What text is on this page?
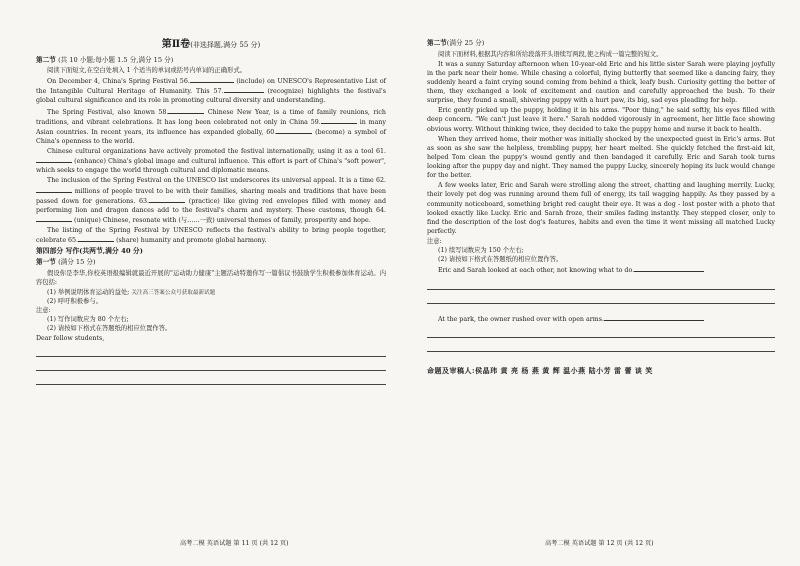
第Ⅱ卷(非选择题,满分 55 分)
第二节 (共 10 小题;每小题 1.5 分,满分 15 分)

阅读下面短文,在空白处填入 1 个适当的单词或括号内单词的正确形式。

On December 4, China's Spring Festival 56.	(include) on UNESCO's Representative List of the Intangible Cultural Heritage of Humanity. This 57.	(recognize) highlights the festival's global cultural significance and its role in promoting cultural diversity and understanding.

The Spring Festival, also known 58.	Chinese New Year, is a time of family reunions, rich traditions, and vibrant celebrations. It has long been celebrated not only in China 59.	in many Asian countries. In recent years, its influence has expanded globally, 60.	(become) a symbol of China's openness to the world.

Chinese cultural organizations have actively promoted the festival internationally, using it as a tool 61. (enhance) China's global image and cultural influence. This effort is part of China's "soft power", which seeks to engage the world through cultural and diplomatic means.

The inclusion of the Spring Festival on the UNESCO list underscores its universal appeal. It is a time 62. millions of people travel to be with their families, sharing meals and traditions that have been passed down for generations. 63.	(practice) like giving red envelopes filled with money and performing lion and dragon dances add to the festival's charm and mystery. These customs, though 64. (unique) Chinese, resonate with (与……一致) universal themes of family, prosperity and hope.

The listing of the Spring Festival by UNESCO reflects the festival's ability to bring people together, celebrate 65.	(share) humanity and promote global harmony.

第四部分 写作(共两节,满分 40 分)
第一节 (满分 15 分)

假设你是李华,你校英语报编辑就最近开展的"运动助力健康"主题活动特邀你写一篇倡议书鼓励学生积极参加体育运动。内容包括:

(1) 举例说明体育运动的益处; 关注高三答案公众号获取最新试题
(2) 呼吁积极参与。
注意:
(1) 写作词数应为 80 个左右;
(2) 请按如下格式在答题纸的相应位置作答。
Dear fellow students,
第二节(满分 25 分)

阅读下面材料,根据其内容和所给段落开头语续写两段,使之构成一篇完整的短文。

It was a sunny Saturday afternoon when 10-year-old Eric and his little sister Sarah were playing joyfully in the park near their home. While chasing a colorful, flying butterfly that seemed like a dancing fairy, they suddenly heard a faint crying sound coming from behind a thick, leafy bush. Curiosity getting the better of them, they exchanged a look of excitement and caution and carefully approached the bush. To their surprise, they found a small, shivering puppy with a hurt paw, its big, sad eyes pleading for help.

Eric gently picked up the puppy, holding it in his arms. "Poor thing," he said softly, his eyes filled with deep concern. "We can't just leave it here." Sarah nodded vigorously in agreement, her little face showing obvious worry. Without thinking twice, they decided to take the puppy home and nurse it back to health.

When they arrived home, their mother was initially shocked by the unexpected guest in Eric's arms. But as soon as she saw the helpless, trembling puppy, her heart melted. She quickly fetched the first-aid kit, helped Tom clean the puppy's wound gently and then bandaged it carefully. Eric and Sarah took turns looking after the puppy day and night. They named the puppy Lucky, sincerely hoping its luck would change for the better.

A few weeks later, Eric and Sarah were strolling along the street, chatting and laughing merrily. Lucky, their lovely pet dog was running around them full of energy, its tail wagging happily. As they passed by a community noticeboard, something bright red caught their eye. It was a dog - lost poster with a photo that looked exactly like Lucky. Eric and Sarah froze, their smiles fading instantly. They stepped closer, only to find the description of the lost dog's features, habits and even the time it went missing all matched Lucky perfectly.

注意:
(1) 续写词数应为 150 个左右;
(2) 请按如下格式在答题纸的相应位置作答。
Eric and Sarah looked at each other, not knowing what to do.
At the park, the owner rushed over with open arms.
命题及审稿人:侯晶玮 黄 亮 杨 燕 黄 辉 温小燕 陆小芳 雷 蕾 谈 笑
高考二模 英语试题 第 11 页 (共 12 页)	高考二模 英语试题 第 12 页 (共 12 页)
